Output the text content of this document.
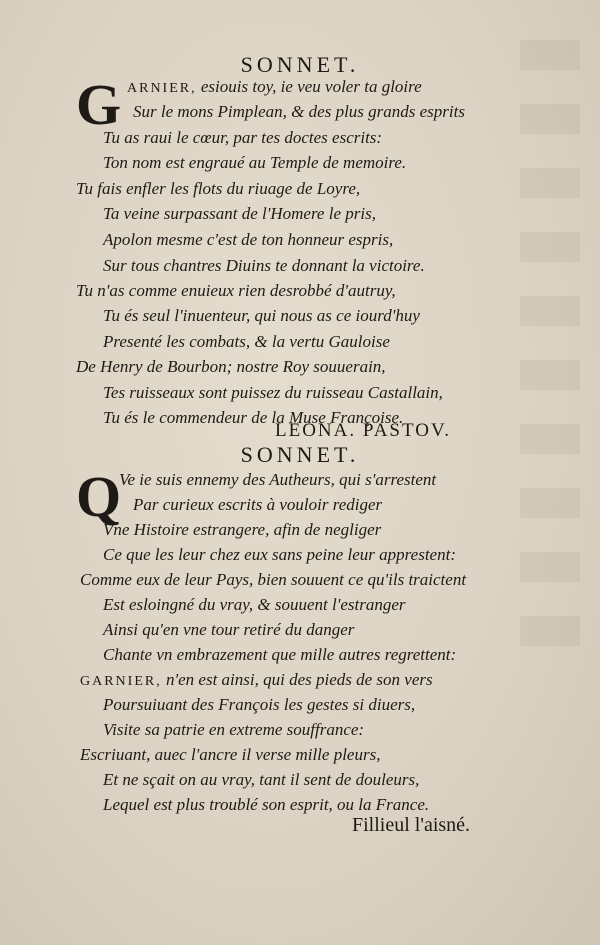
SONNET.
G ARNIER, esiouis toy, ie veu voler ta gloire
Sur le mons Pimplean, & des plus grands esprits
Tu as raui le cœur, par tes doctes escrits:
Ton nom est engraué au Temple de memoire.
Tu fais enfler les flots du riuage de Loyre,
Ta veine surpassant de l'Homere le pris,
Apolon mesme c'est de ton honneur espris,
Sur tous chantres Diuins te donnant la victoire.
Tu n'as comme enuieux rien desrobbé d'autruy,
Tu és seul l'inuenteur, qui nous as ce iourd'huy
Presenté les combats, & la vertu Gauloise
De Henry de Bourbon; nostre Roy souuerain,
Tes ruisseaux sont puissez du ruisseau Castallain,
Tu és le commendeur de la Muse Françoise.
LEONA. PASTOV.
SONNET.
Q
Ve ie suis ennemy des Autheurs, qui s'arrestent
Par curieux escrits à vouloir rediger
Vne Histoire estrangere, afin de negliger
Ce que les leur chez eux sans peine leur apprestent:
Comme eux de leur Pays, bien souuent ce qu'ils traictent
Est esloingné du vray, & souuent l'estranger
Ainsi qu'en vne tour retiré du danger
Chante vn embrazement que mille autres regrettent:
GARNIER, n'en est ainsi, qui des pieds de son vers
Poursuiuant des François les gestes si diuers,
Visite sa patrie en extreme souffrance:
Escriuant, auec l'ancre il verse mille pleurs,
Et ne sçait on au vray, tant il sent de douleurs,
Lequel est plus troublé son esprit, ou la France.
Fillieul l'aisné.
